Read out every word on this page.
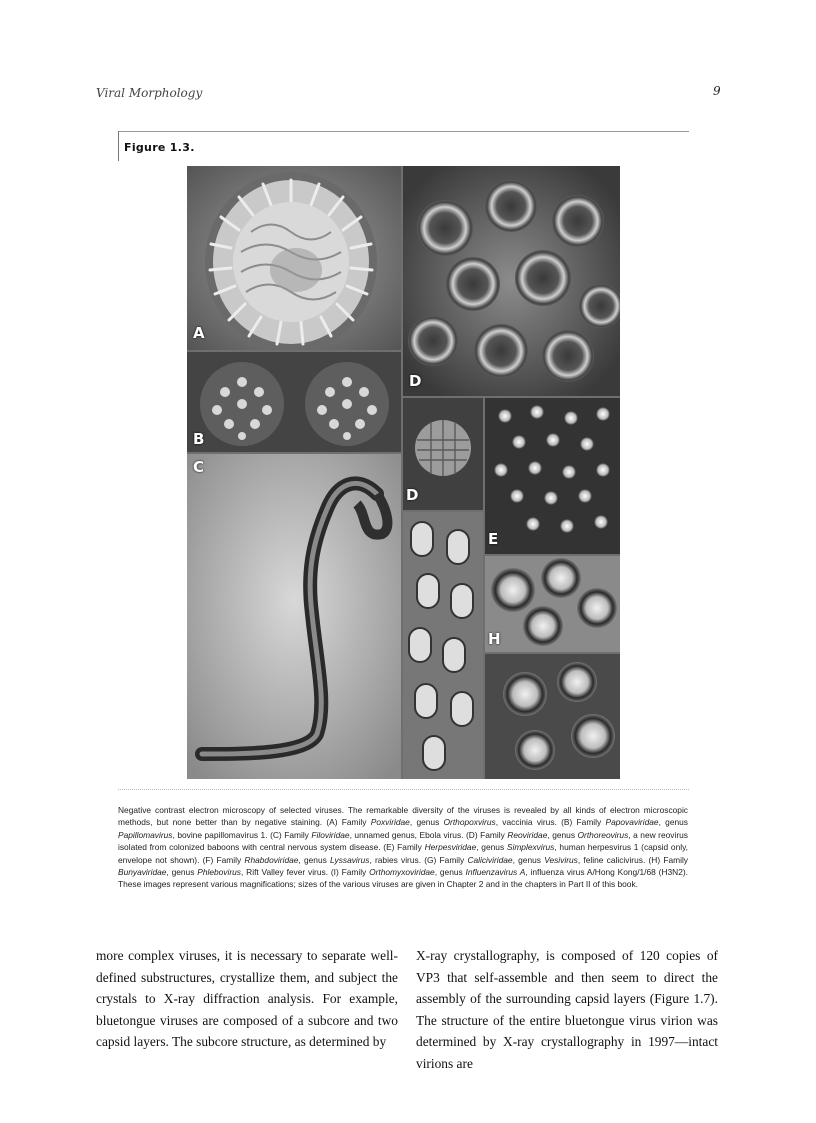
Viral Morphology	9
Figure 1.3.
A
D
B
C
D
E
H
Negative contrast electron microscopy of selected viruses. The remarkable diversity of the viruses is revealed by all kinds of electron microscopic methods, but none better than by negative staining. (A) Family Poxviridae, genus Orthopoxvirus, vaccinia virus. (B) Family Papovaviridae, genus Papillomavirus, bovine papillomavirus 1. (C) Family Filoviridae, unnamed genus, Ebola virus. (D) Family Reoviridae, genus Orthoreovirus, a new reovirus isolated from colonized baboons with central nervous system disease. (E) Family Herpesviridae, genus Simplexvirus, human herpesvirus 1 (capsid only, envelope not shown). (F) Family Rhabdoviridae, genus Lyssavirus, rabies virus. (G) Family Caliciviridae, genus Vesivirus, feline calicivirus. (H) Family Bunyaviridae, genus Phlebovirus, Rift Valley fever virus. (I) Family Orthomyxoviridae, genus Influenzavirus A, influenza virus A/Hong Kong/1/68 (H3N2). These images represent various magnifications; sizes of the various viruses are given in Chapter 2 and in the chapters in Part II of this book.
more complex viruses, it is necessary to separate well-defined substructures, crystallize them, and subject the crystals to X-ray diffraction analysis. For example, bluetongue viruses are composed of a subcore and two capsid layers. The subcore structure, as determined by
X-ray crystallography, is composed of 120 copies of VP3 that self-assemble and then seem to direct the assembly of the surrounding capsid layers (Figure 1.7). The structure of the entire bluetongue virus virion was determined by X-ray crystallography in 1997—intact virions are
